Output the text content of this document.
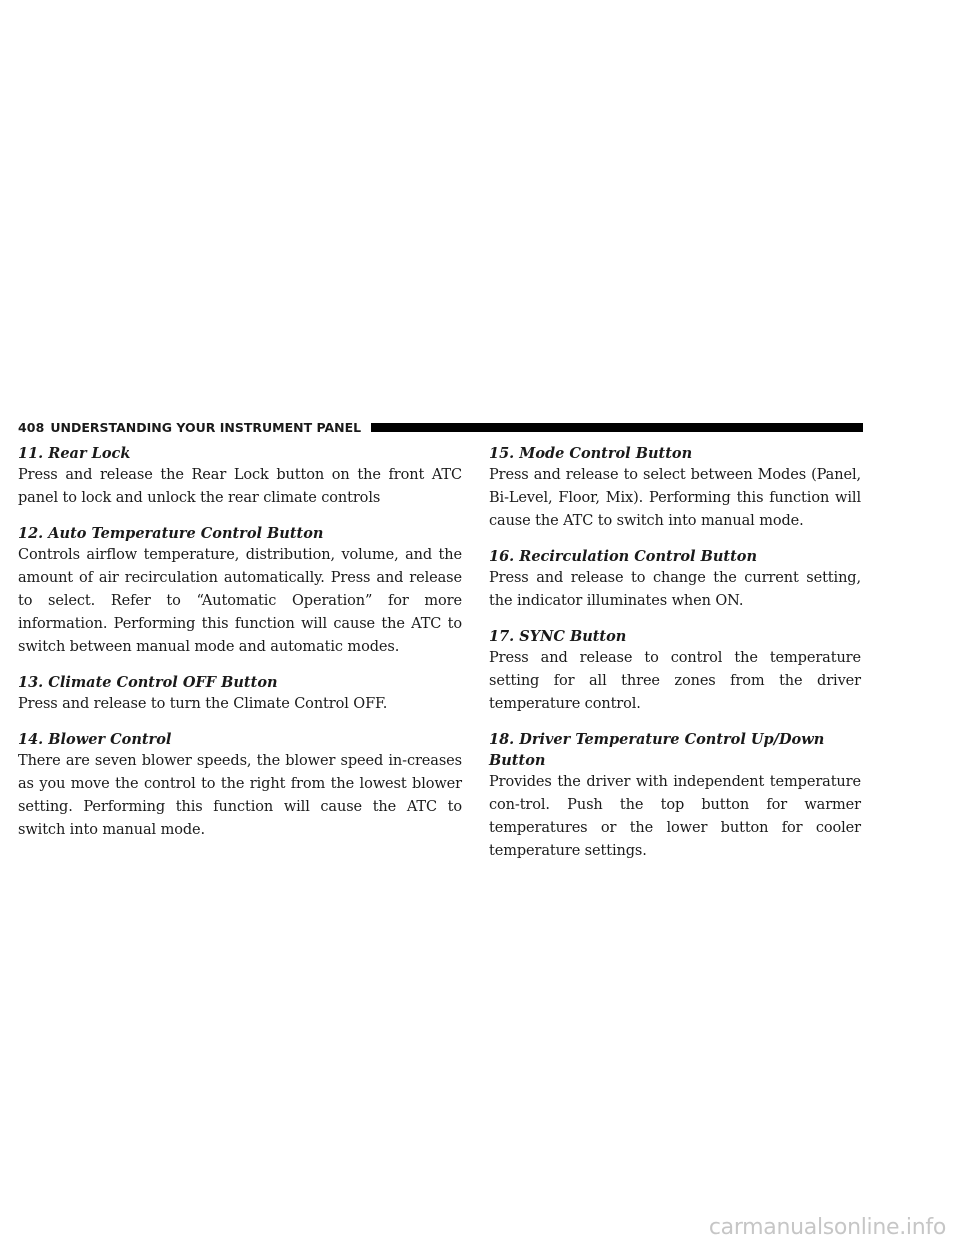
408 UNDERSTANDING YOUR INSTRUMENT PANEL

11. Rear Lock

Press and release the Rear Lock button on the front ATC panel to lock and unlock the rear climate controls

12. Auto Temperature Control Button

Controls airflow temperature, distribution, volume, and the amount of air recirculation automatically. Press and release to select. Refer to “Automatic Operation” for more information. Performing this function will cause the ATC to switch between manual mode and automatic modes.

13. Climate Control OFF Button

Press and release to turn the Climate Control OFF.

14. Blower Control

There are seven blower speeds, the blower speed in-creases as you move the control to the right from the lowest blower setting. Performing this function will cause the ATC to switch into manual mode.

15. Mode Control Button

Press and release to select between Modes (Panel, Bi-Level, Floor, Mix). Performing this function will cause the ATC to switch into manual mode.

16. Recirculation Control Button

Press and release to change the current setting, the indicator illuminates when ON.

17. SYNC Button

Press and release to control the temperature setting for all three zones from the driver temperature control.

18. Driver Temperature Control Up/Down Button

Provides the driver with independent temperature con-trol. Push the top button for warmer temperatures or the lower button for cooler temperature settings.

carmanualsonline.info
